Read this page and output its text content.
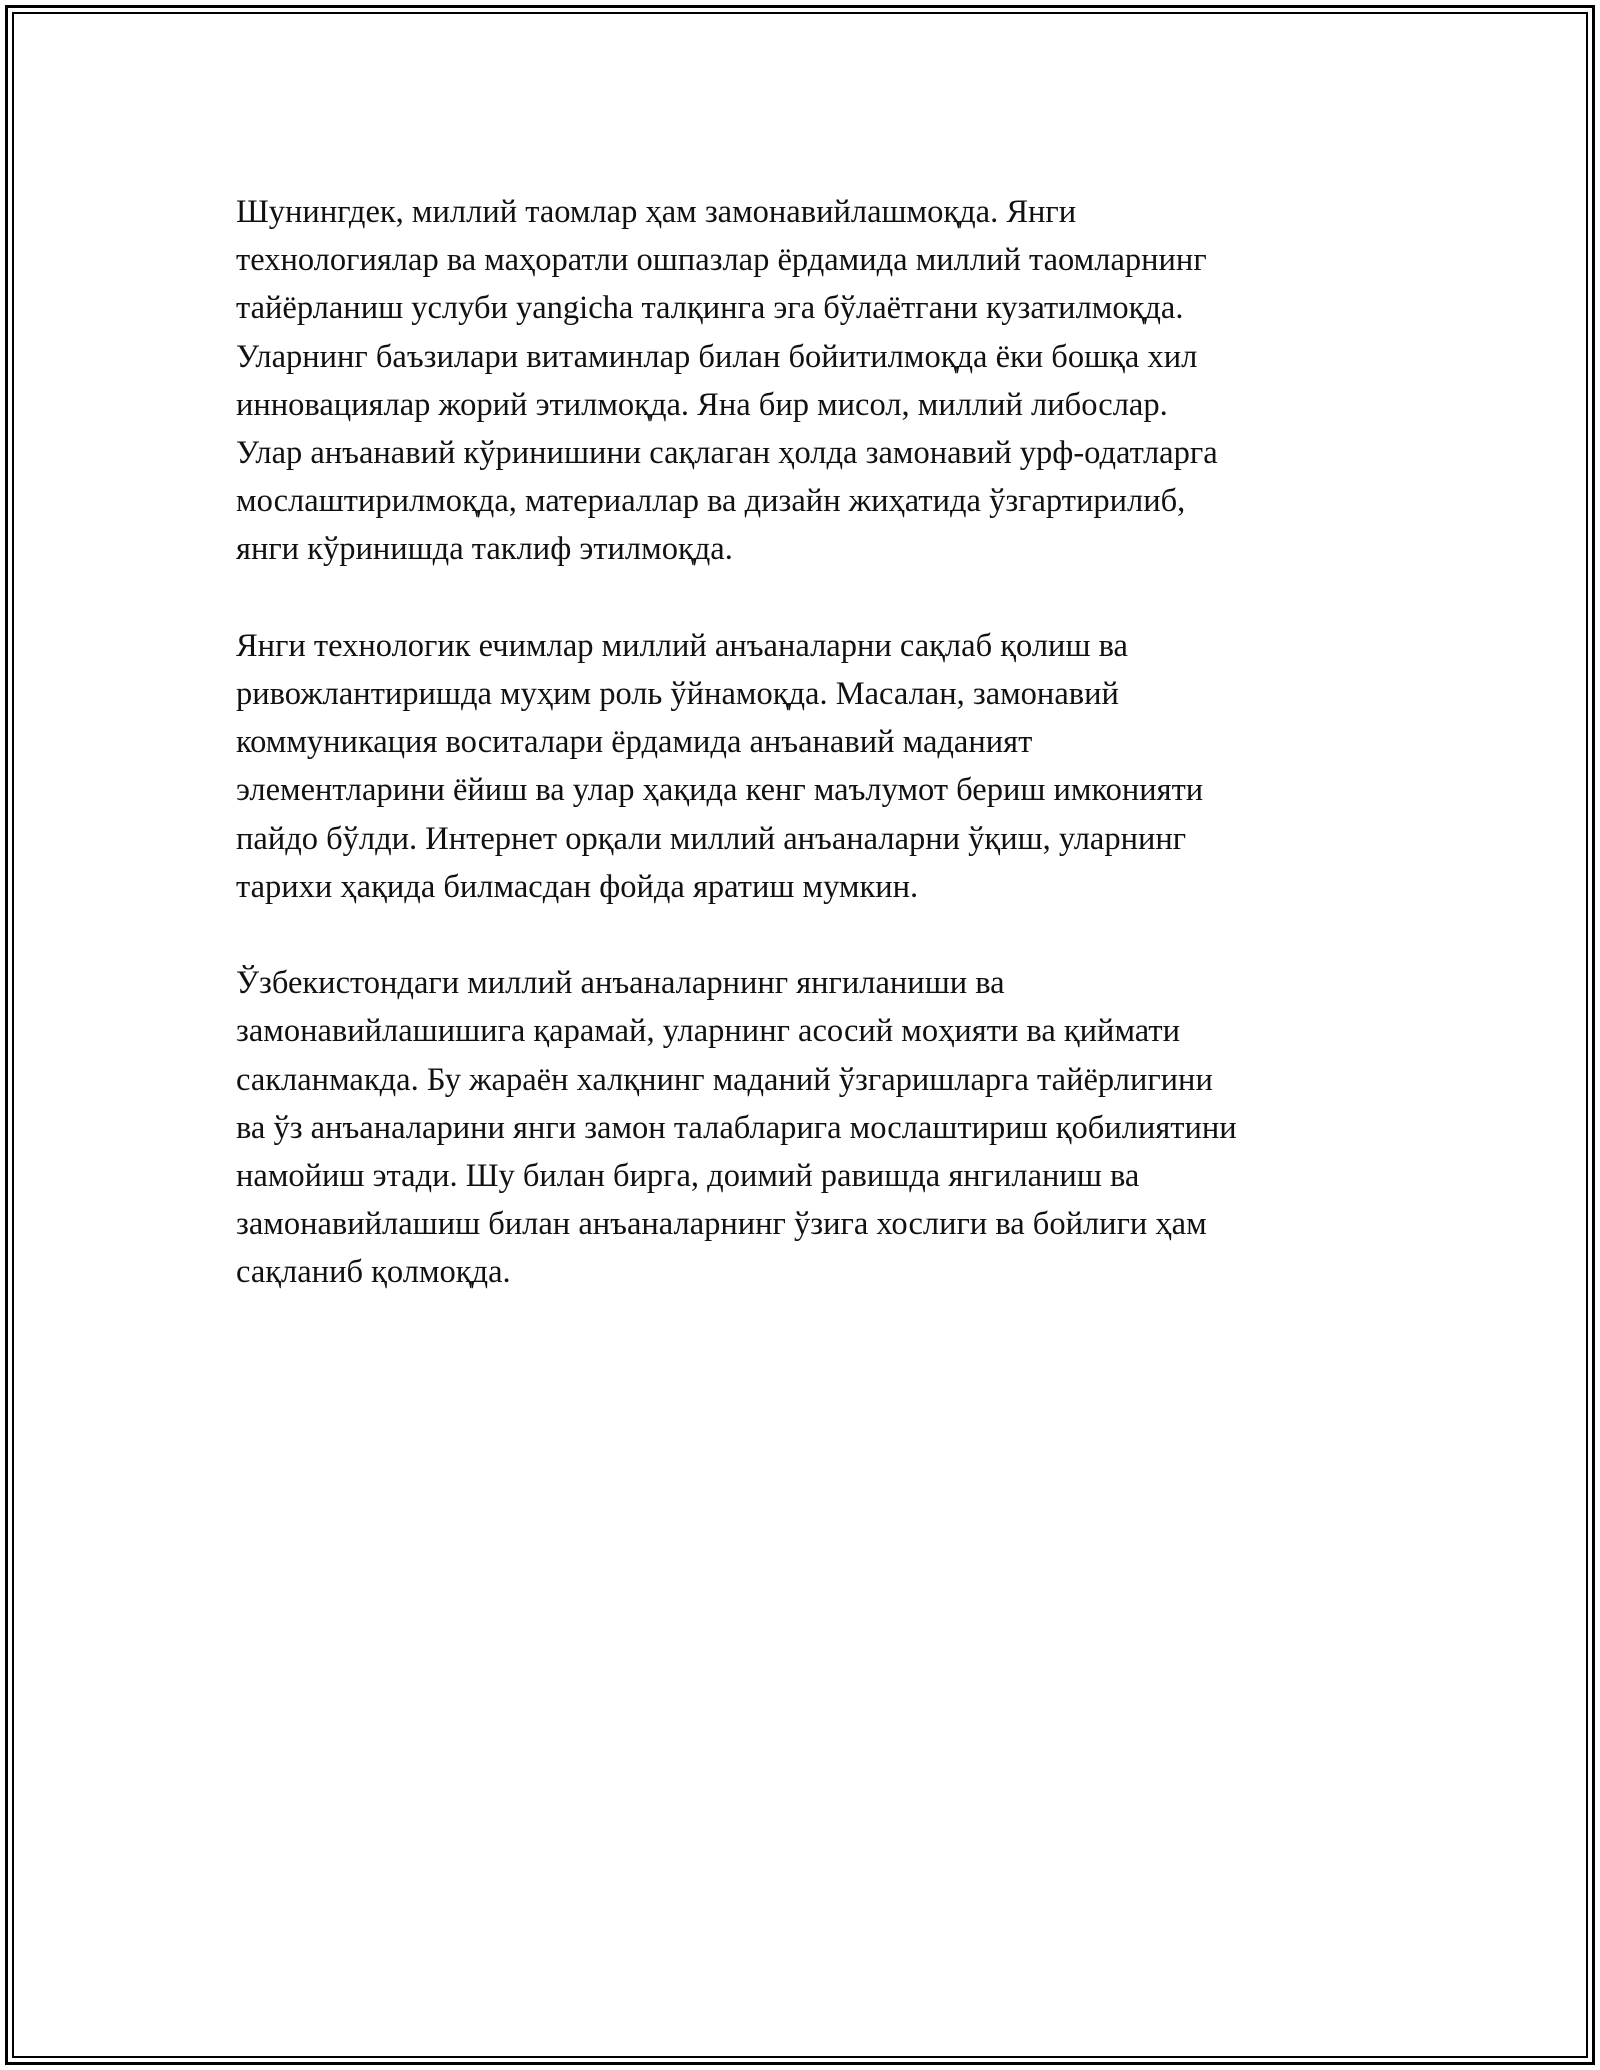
Шунингдек, миллий таомлар ҳам замонавийлашмоқда. Янги
технологиялар ва маҳоратли ошпазлар ёрдамида миллий таомларнинг
тайёрланиш услуби yangicha талқинга эга бўлаётгани кузатилмоқда.
Уларнинг баъзилари витаминлар билан бойитилмоқда ёки бошқа хил
инновациялар жорий этилмоқда. Яна бир мисол, миллий либослар.
Улар анъанавий кўринишини сақлаган ҳолда замонавий урф-одатларга
мослаштирилмоқда, материаллар ва дизайн жиҳатида ўзгартирилиб,
янги кўринишда таклиф этилмоқда.

Янги технологик ечимлар миллий анъаналарни сақлаб қолиш ва
ривожлантиришда муҳим роль ўйнамоқда. Масалан, замонавий
коммуникация воситалари ёрдамида анъанавий маданият
элементларини ёйиш ва улар ҳақида кенг маълумот бериш имконияти
пайдо бўлди. Интернет орқали миллий анъаналарни ўқиш, уларнинг
тарихи ҳақида билмасдан фойда яратиш мумкин.

Ўзбекистондаги миллий анъаналарнинг янгиланиши ва
замонавийлашишига қарамай, уларнинг асосий моҳияти ва қиймати
сакланмакда. Бу жараён халқнинг маданий ўзгаришларга тайёрлигини
ва ўз анъаналарини янги замон талабларига мослаштириш қобилиятини
намойиш этади. Шу билан бирга, доимий равишда янгиланиш ва
замонавийлашиш билан анъаналарнинг ўзига хослиги ва бойлиги ҳам
сақланиб қолмоқда.
